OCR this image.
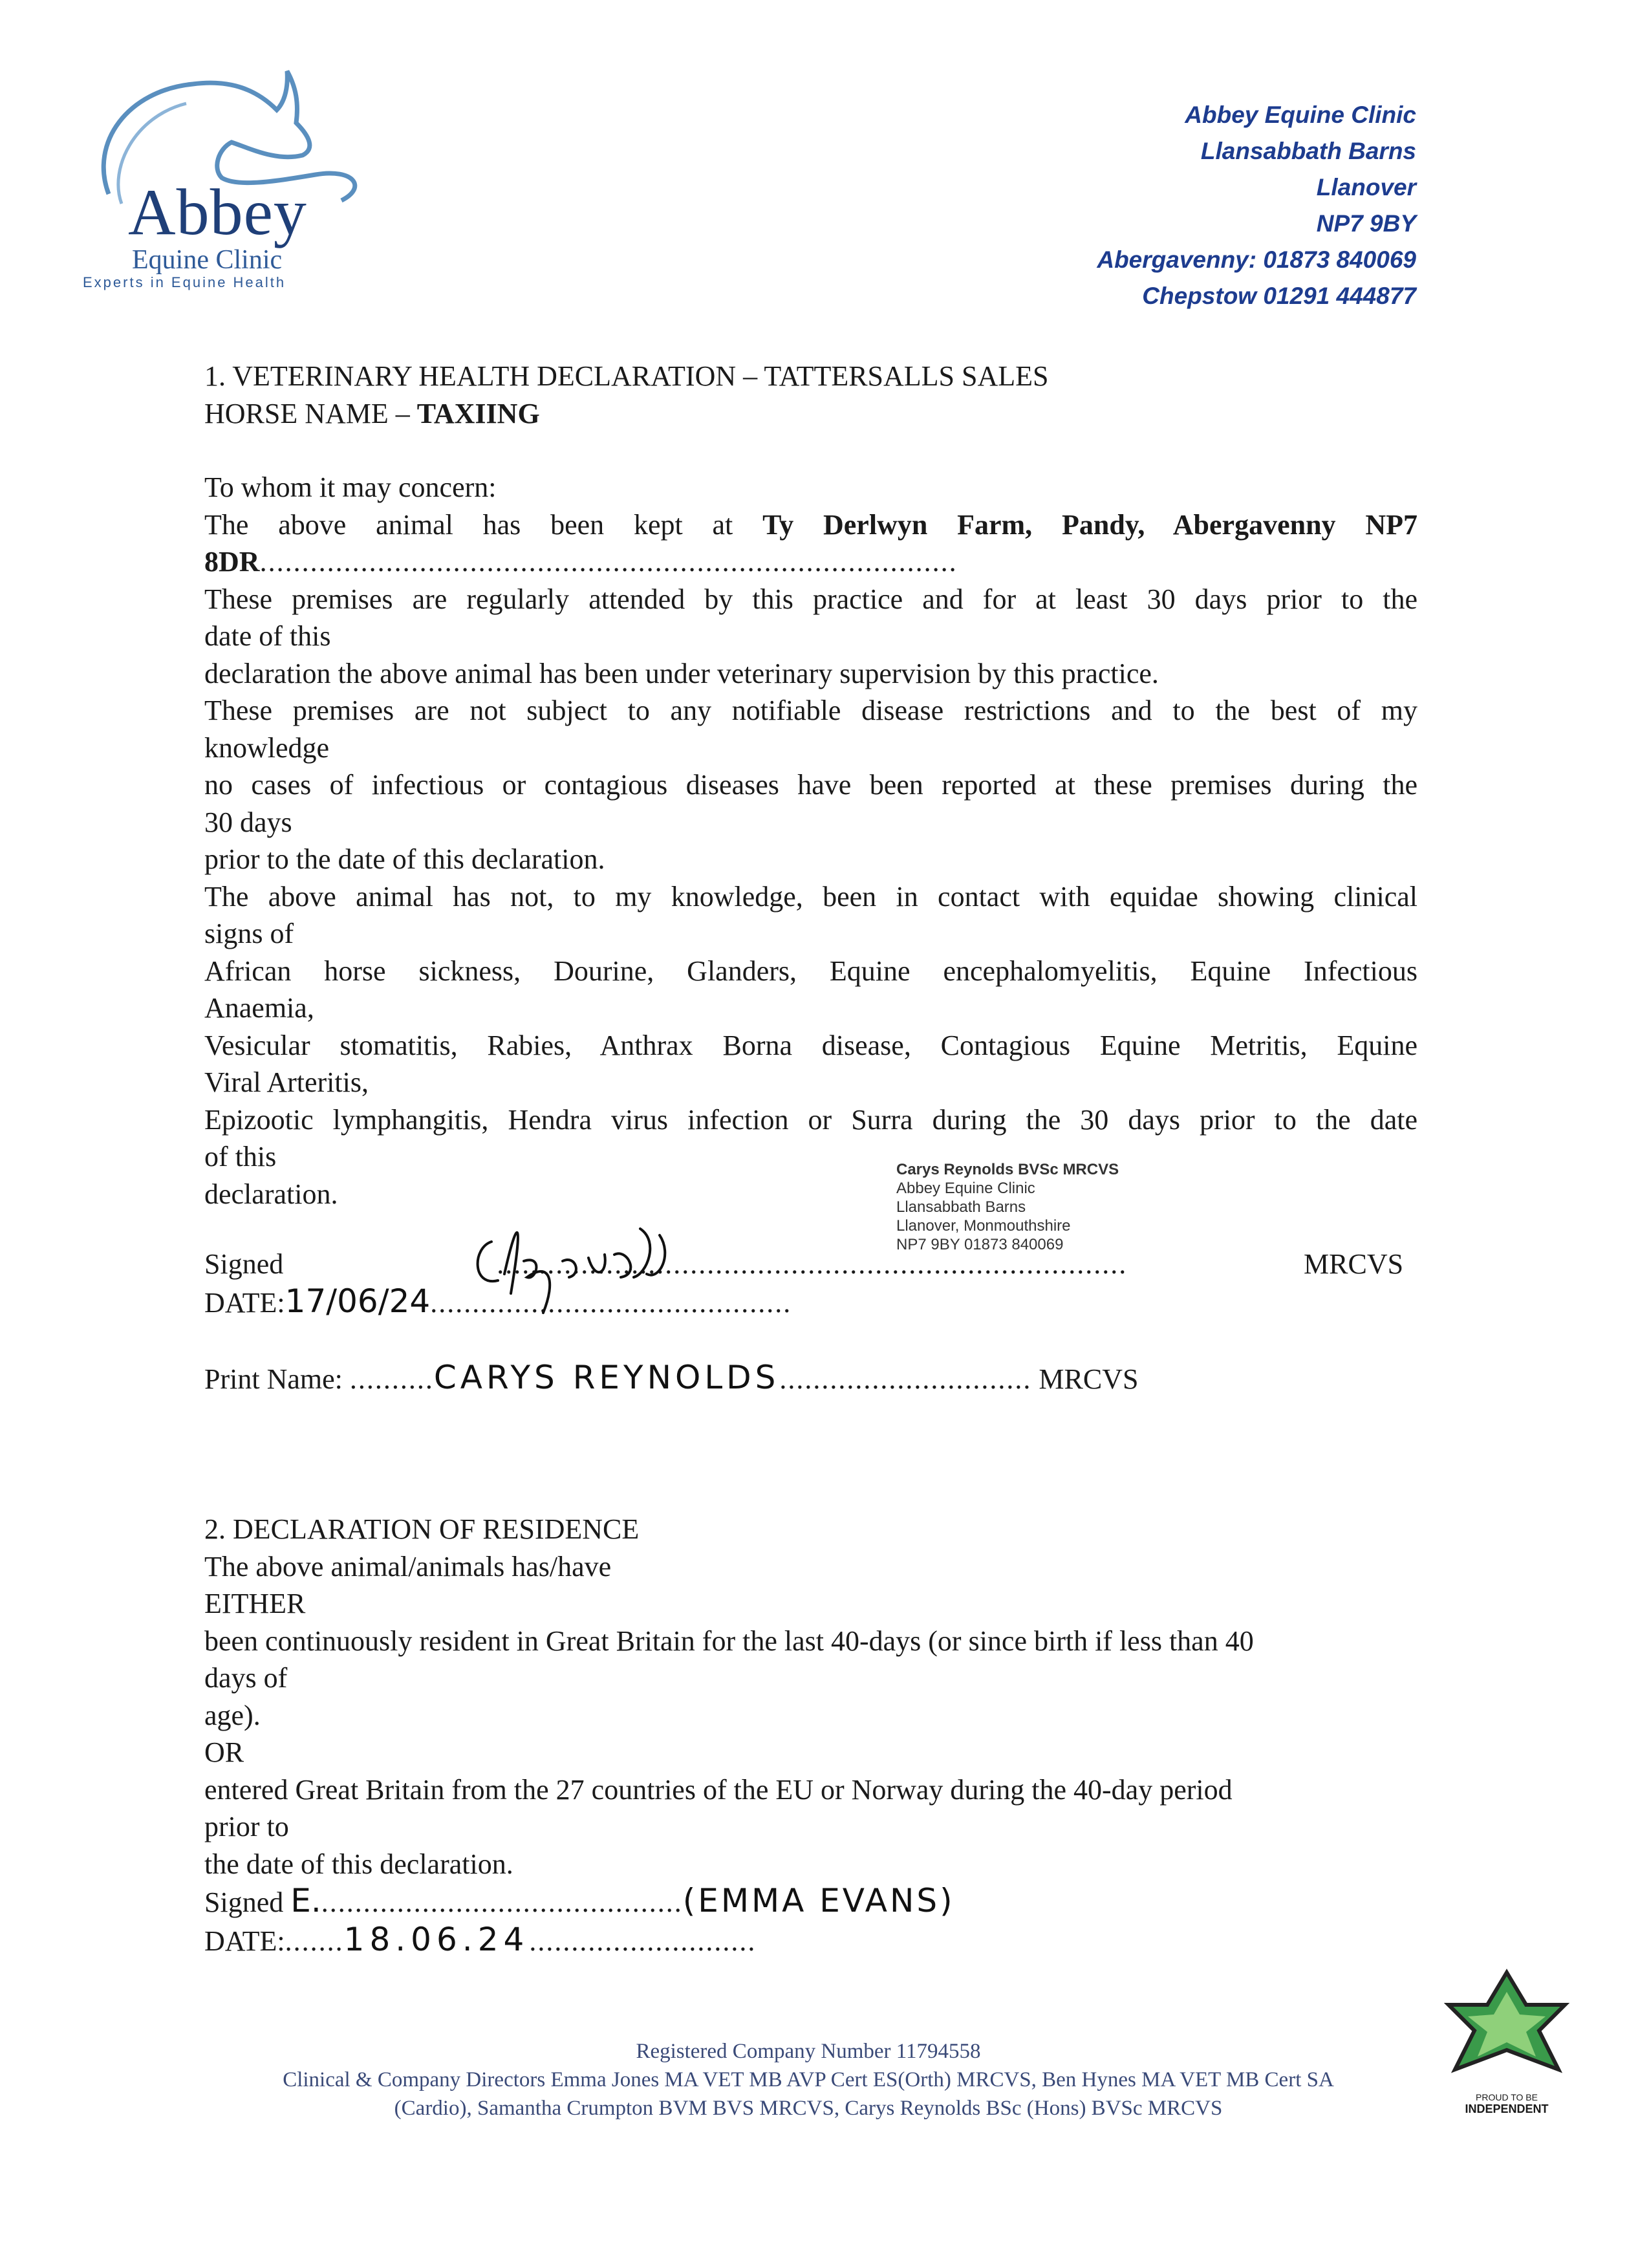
Abbey
Equine Clinic
Experts in Equine Health
Abbey Equine Clinic
Llansabbath Barns
Llanover
NP7 9BY
Abergavenny: 01873 840069
Chepstow 01291 444877

1. VETERINARY HEALTH DECLARATION – TATTERSALLS SALES

HORSE NAME – TAXIING

To whom it may concern:

The above animal has been kept at Ty Derlwyn Farm, Pandy, Abergavenny NP7

8DR...................................................................................

These premises are regularly attended by this practice and for at least 30 days prior to the

date of this

declaration the above animal has been under veterinary supervision by this practice.

These premises are not subject to any notifiable disease restrictions and to the best of my

knowledge

no cases of infectious or contagious diseases have been reported at these premises during the

30 days

prior to the date of this declaration.

The above animal has not, to my knowledge, been in contact with equidae showing clinical

signs of

African horse sickness, Dourine, Glanders, Equine encephalomyelitis, Equine Infectious

Anaemia,

Vesicular stomatitis, Rabies, Anthrax Borna disease, Contagious Equine Metritis, Equine

Viral Arteritis,

Epizootic lymphangitis, Hendra virus infection or Surra during the 30 days prior to the date

of this

declaration.

Signed	...........................................................................

DATE:17/06/24...........................................

MRCVS
Carys Reynolds BVSc MRCVS
Abbey Equine Clinic
Llansabbath Barns
Llanover, Monmouthshire
NP7 9BY 01873 840069

Print Name: ..........CARYS REYNOLDS.............................. MRCVS

2. DECLARATION OF RESIDENCE

The above animal/animals has/have

EITHER

been continuously resident in Great Britain for the last 40-days (or since birth if less than 40

days of

age).

OR

entered Great Britain from the 27 countries of the EU or Norway during the 40-day period

prior to

the date of this declaration.

Signed E............................................(EMMA EVANS)

DATE:.......18.06.24...........................

Registered Company Number 11794558
Clinical & Company Directors Emma Jones MA VET MB AVP Cert ES(Orth) MRCVS, Ben Hynes MA VET MB Cert SA
(Cardio), Samantha Crumpton BVM BVS MRCVS, Carys Reynolds BSc (Hons) BVSc MRCVS	PROUD TO BE
INDEPENDENT
